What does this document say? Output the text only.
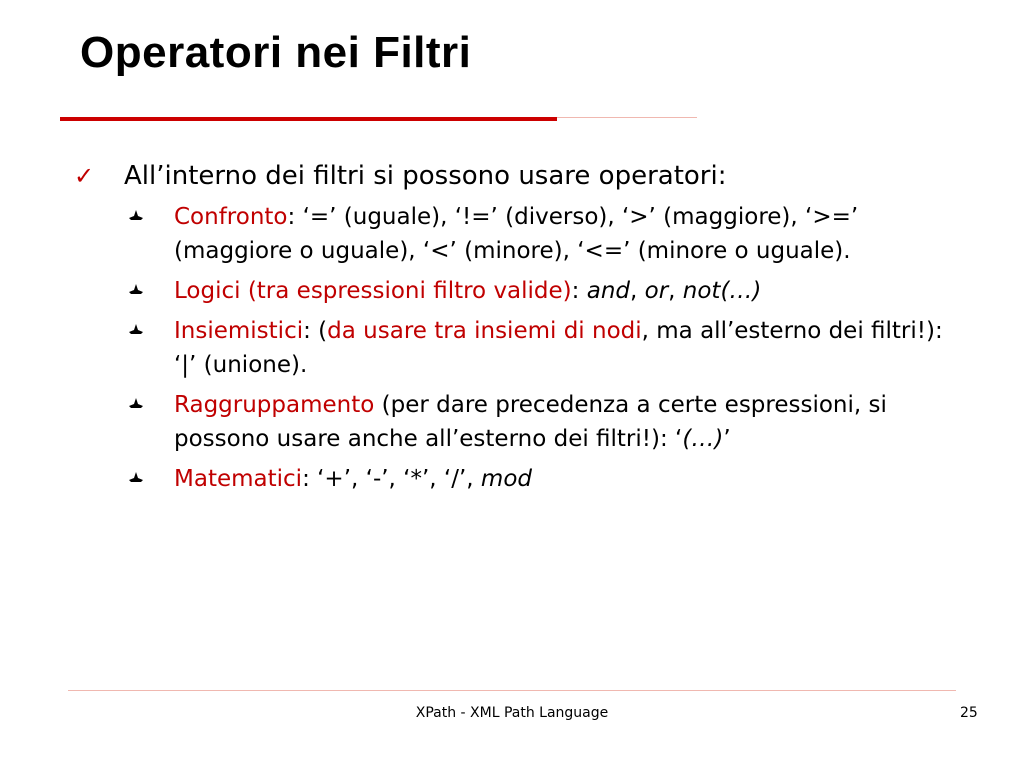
Operatori nei Filtri
✓ All’interno dei filtri si possono usare operatori:
Confronto: ‘=’ (uguale), ‘!=’ (diverso), ‘>’ (maggiore), ‘>=’ (maggiore o uguale), ‘<’ (minore), ‘<=’ (minore o uguale).
Logici (tra espressioni filtro valide): and, or, not(…)
Insiemistici: (da usare tra insiemi di nodi, ma all’esterno dei filtri!): ‘|’ (unione).
Raggruppamento (per dare precedenza a certe espressioni, si possono usare anche all’esterno dei filtri!): ‘(…)’
Matematici: ‘+’, ‘-’, ‘*’, ‘/’, mod
XPath - XML Path Language	25
